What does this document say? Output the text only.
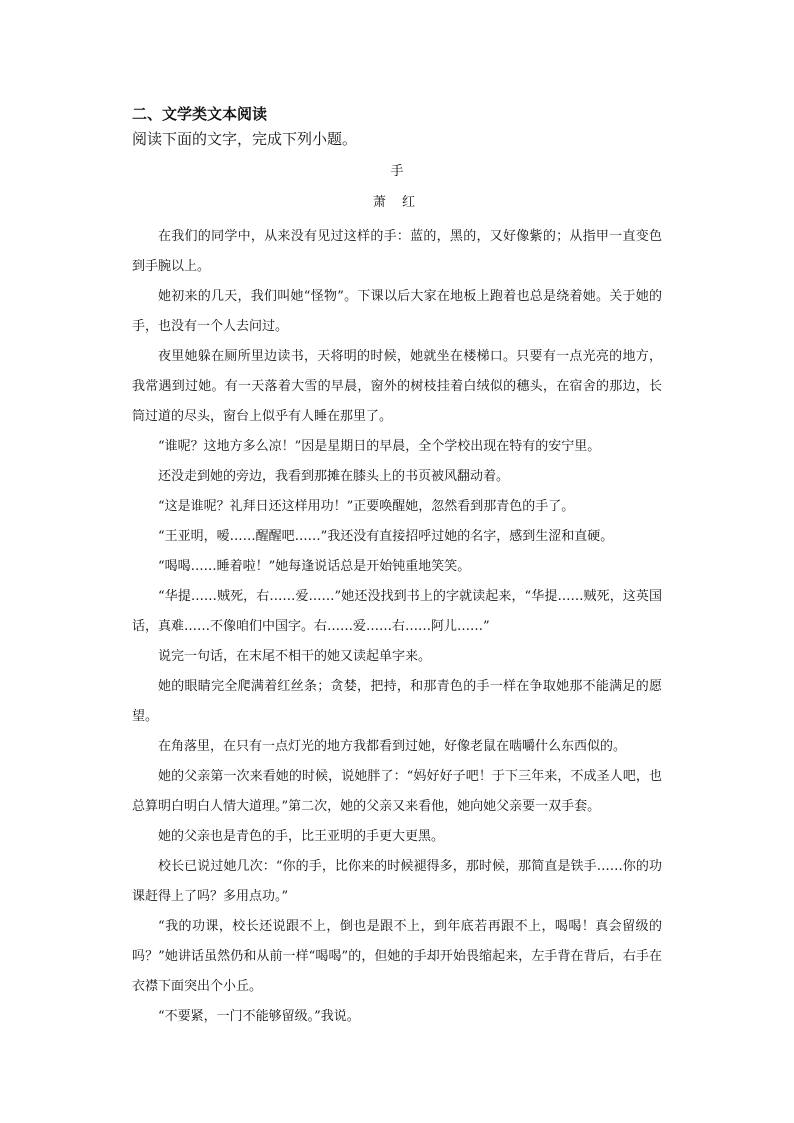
二、文学类文本阅读
阅读下面的文字，完成下列小题。
手
萧 红

在我们的同学中，从来没有见过这样的手：蓝的，黑的，又好像紫的；从指甲一直变色到手腕以上。

她初来的几天，我们叫她“怪物”。下课以后大家在地板上跑着也总是绕着她。关于她的手，也没有一个人去问过。

夜里她躲在厕所里边读书，天将明的时候，她就坐在楼梯口。只要有一点光亮的地方，我常遇到过她。有一天落着大雪的早晨，窗外的树枝挂着白绒似的穗头，在宿舍的那边，长筒过道的尽头，窗台上似乎有人睡在那里了。

“谁呢？这地方多么凉！”因是星期日的早晨，全个学校出现在特有的安宁里。

还没走到她的旁边，我看到那摊在膝头上的书页被风翻动着。

“这是谁呢？礼拜日还这样用功！”正要唤醒她，忽然看到那青色的手了。

“王亚明，嗳……醒醒吧……”我还没有直接招呼过她的名字，感到生涩和直硬。

“喝喝……睡着啦！”她每逢说话总是开始钝重地笑笑。

“华提……贼死，右……爱……”她还没找到书上的字就读起来，“华提……贼死，这英国话，真难……不像咱们中国字。右……爱……右……阿儿……”

说完一句话，在末尾不相干的她又读起单字来。

她的眼睛完全爬满着红丝条；贪婪，把持，和那青色的手一样在争取她那不能满足的愿望。

在角落里，在只有一点灯光的地方我都看到过她，好像老鼠在啮嚼什么东西似的。

她的父亲第一次来看她的时候，说她胖了：“妈好好子吧！于下三年来，不成圣人吧，也总算明白明白人情大道理。”第二次，她的父亲又来看他，她向她父亲要一双手套。

她的父亲也是青色的手，比王亚明的手更大更黑。

校长已说过她几次：“你的手，比你来的时候褪得多，那时候，那简直是铁手……你的功课赶得上了吗？多用点功。”

“我的功课，校长还说跟不上，倒也是跟不上，到年底若再跟不上，喝喝！真会留级的吗？”她讲话虽然仍和从前一样“喝喝”的，但她的手却开始畏缩起来，左手背在背后，右手在衣襟下面突出个小丘。

“不要紧，一门不能够留级。”我说。
